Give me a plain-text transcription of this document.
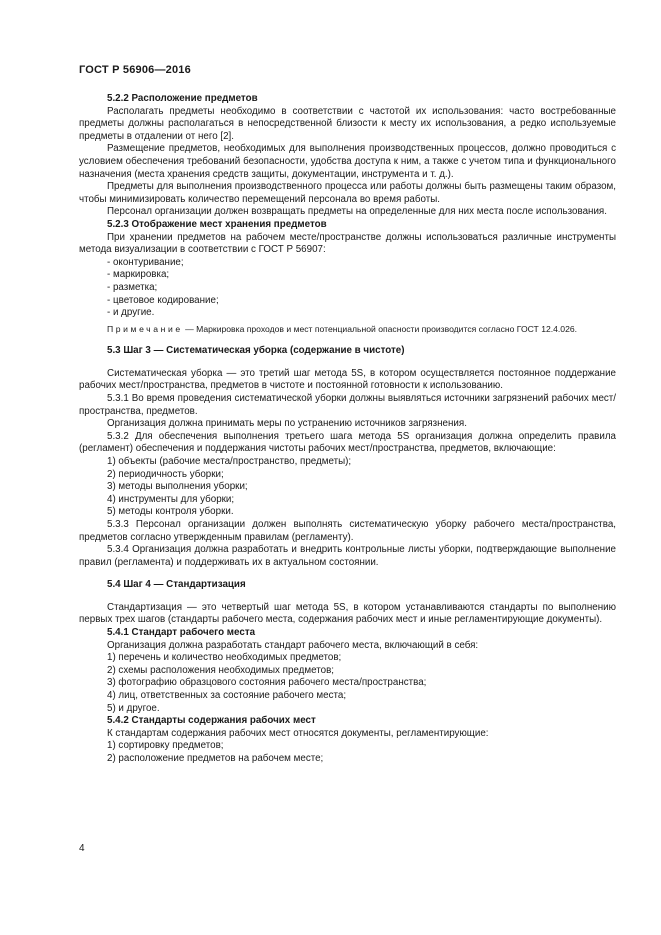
ГОСТ Р 56906—2016

5.2.2 Расположение предметов

Располагать предметы необходимо в соответствии с частотой их использования: часто востребованные предметы должны располагаться в непосредственной близости к месту их использования, а редко используемые предметы в отдалении от него [2].

Размещение предметов, необходимых для выполнения производственных процессов, должно проводиться с условием обеспечения требований безопасности, удобства доступа к ним, а также с учетом типа и функционального назначения (места хранения средств защиты, документации, инструмента и т. д.).

Предметы для выполнения производственного процесса или работы должны быть размещены таким образом, чтобы минимизировать количество перемещений персонала во время работы.

Персонал организации должен возвращать предметы на определенные для них места после использования.

5.2.3 Отображение мест хранения предметов

При хранении предметов на рабочем месте/пространстве должны использоваться различные инструменты метода визуализации в соответствии с ГОСТ Р 56907:

- оконтуривание;

- маркировка;

- разметка;

- цветовое кодирование;

- и другие.

Примечание — Маркировка проходов и мест потенциальной опасности производится согласно ГОСТ 12.4.026.

5.3 Шаг 3 — Систематическая уборка (содержание в чистоте)

Систематическая уборка — это третий шаг метода 5S, в котором осуществляется постоянное поддержание рабочих мест/пространства, предметов в чистоте и постоянной готовности к использованию.

5.3.1 Во время проведения систематической уборки должны выявляться источники загрязнений рабочих мест/пространства, предметов.

Организация должна принимать меры по устранению источников загрязнения.

5.3.2 Для обеспечения выполнения третьего шага метода 5S организация должна определить правила (регламент) обеспечения и поддержания чистоты рабочих мест/пространства, предметов, включающие:

1) объекты (рабочие места/пространство, предметы);

2) периодичность уборки;

3) методы выполнения уборки;

4) инструменты для уборки;

5) методы контроля уборки.

5.3.3 Персонал организации должен выполнять систематическую уборку рабочего места/пространства, предметов согласно утвержденным правилам (регламенту).

5.3.4 Организация должна разработать и внедрить контрольные листы уборки, подтверждающие выполнение правил (регламента) и поддерживать их в актуальном состоянии.

5.4 Шаг 4 — Стандартизация

Стандартизация — это четвертый шаг метода 5S, в котором устанавливаются стандарты по выполнению первых трех шагов (стандарты рабочего места, содержания рабочих мест и иные регламентирующие документы).

5.4.1 Стандарт рабочего места

Организация должна разработать стандарт рабочего места, включающий в себя:

1) перечень и количество необходимых предметов;

2) схемы расположения необходимых предметов;

3) фотографию образцового состояния рабочего места/пространства;

4) лиц, ответственных за состояние рабочего места;

5) и другое.

5.4.2 Стандарты содержания рабочих мест

К стандартам содержания рабочих мест относятся документы, регламентирующие:

1) сортировку предметов;

2) расположение предметов на рабочем месте;

4
